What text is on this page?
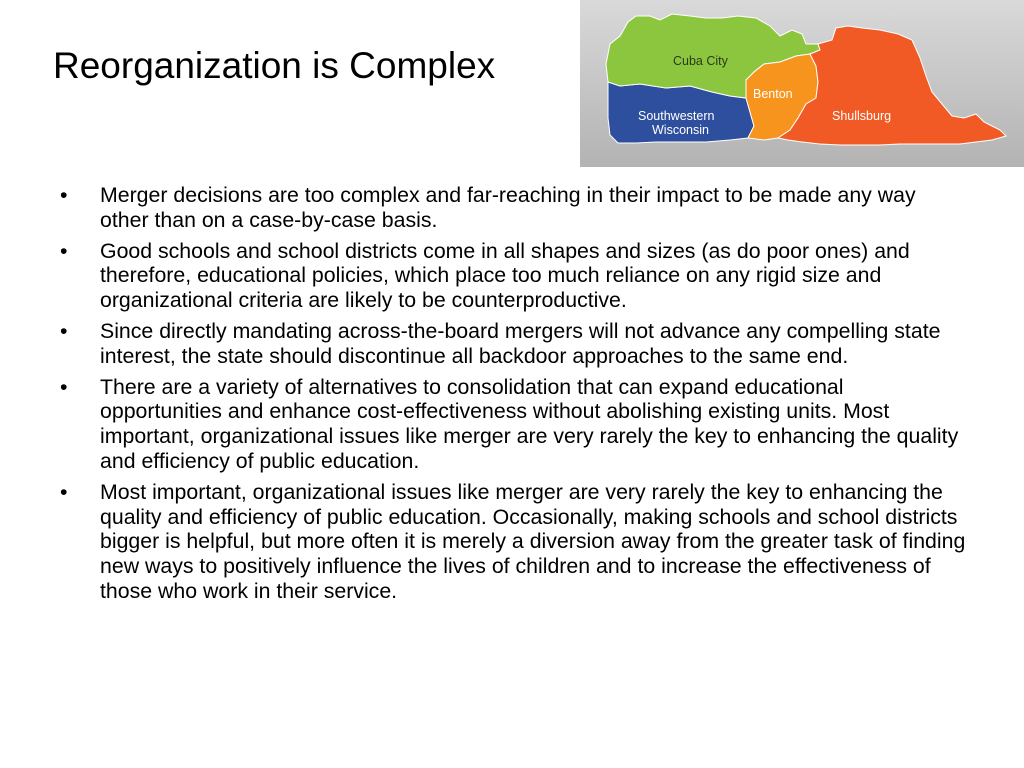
Reorganization is Complex	Cuba City
Southwestern
Wisconsin
Benton
Shullsburg
• Merger decisions are too complex and far-reaching in their impact to be made any way other than on a case-by-case basis.
• Good schools and school districts come in all shapes and sizes (as do poor ones) and therefore, educational policies, which place too much reliance on any rigid size and organizational criteria are likely to be counterproductive.
• Since directly mandating across-the-board mergers will not advance any compelling state interest, the state should discontinue all backdoor approaches to the same end.
• There are a variety of alternatives to consolidation that can expand educational opportunities and enhance cost-effectiveness without abolishing existing units. Most important, organizational issues like merger are very rarely the key to enhancing the quality and efficiency of public education.
• Most important, organizational issues like merger are very rarely the key to enhancing the quality and efficiency of public education. Occasionally, making schools and school districts bigger is helpful, but more often it is merely a diversion away from the greater task of finding new ways to positively influence the lives of children and to increase the effectiveness of those who work in their service.
